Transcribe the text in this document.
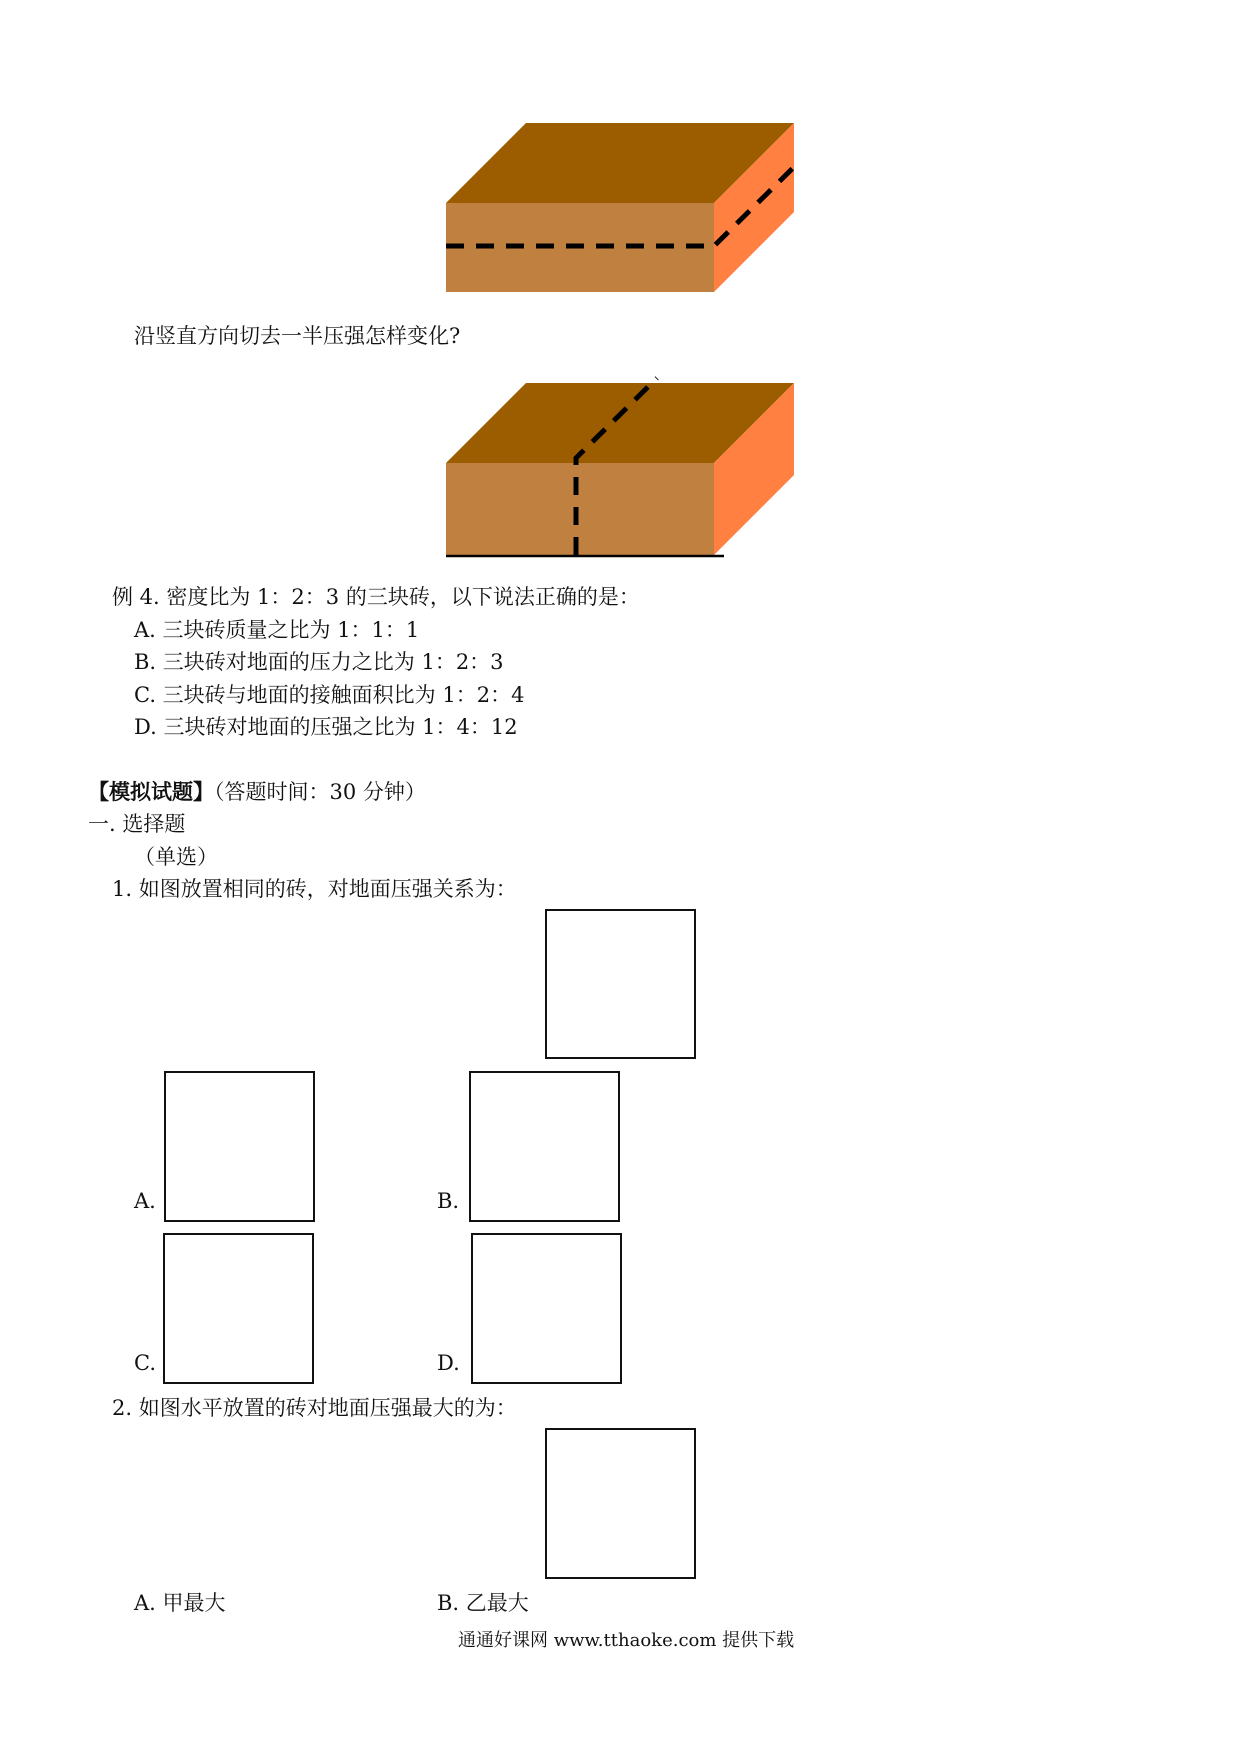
沿竖直方向切去一半压强怎样变化?
例 4. 密度比为 1：2：3 的三块砖，以下说法正确的是：
A. 三块砖质量之比为 1：1：1
B. 三块砖对地面的压力之比为 1：2：3
C. 三块砖与地面的接触面积比为 1：2：4
D. 三块砖对地面的压强之比为 1：4：12
【模拟试题】（答题时间：30 分钟）
一. 选择题
（单选）
1. 如图放置相同的砖，对地面压强关系为：
A.	B.
C.	D.
2. 如图水平放置的砖对地面压强最大的为：
A. 甲最大	B. 乙最大
通通好课网 www.tthaoke.com 提供下载
